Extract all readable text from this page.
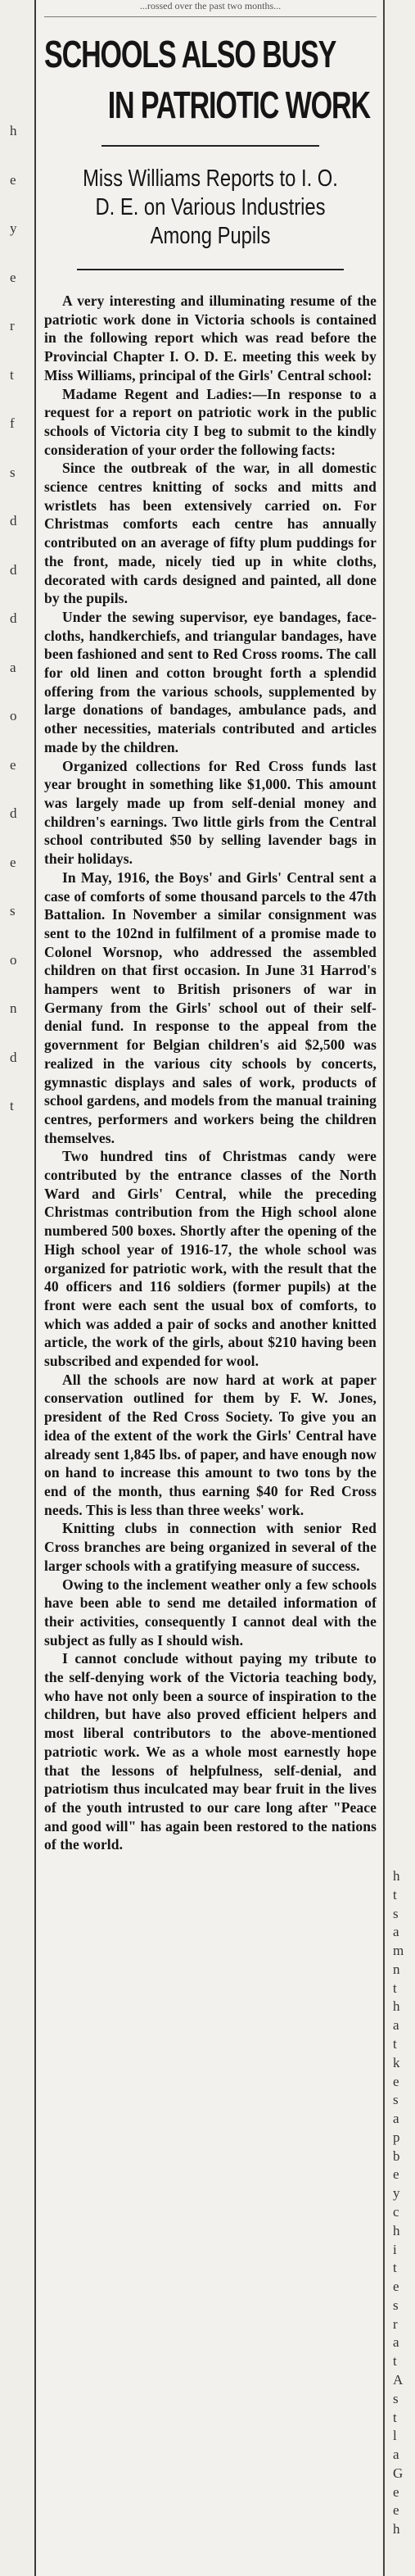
h
e
y
e
r
t
f
s
d
d
d
a
o
e
d
e
s
o
n
d
t
h
t
s
a
m
n
t
h
a
t
k
e
s
a
p
b
e
y
c
h
i
t
e
s
r
a
t
A
s
t
l
a
G
e
e
h
...rossed over the past two months...
SCHOOLS ALSO BUSY
IN PATRIOTIC WORK
Miss Williams Reports to I. O. D. E. on Various Industries Among Pupils

A very interesting and illuminating resume of the patriotic work done in Victoria schools is contained in the following report which was read before the Provincial Chapter I. O. D. E. meeting this week by Miss Williams, principal of the Girls' Central school:

Madame Regent and Ladies:—In response to a request for a report on patriotic work in the public schools of Victoria city I beg to submit to the kindly consideration of your order the following facts:

Since the outbreak of the war, in all domestic science centres knitting of socks and mitts and wristlets has been extensively carried on. For Christmas comforts each centre has annually contributed on an average of fifty plum puddings for the front, made, nicely tied up in white cloths, decorated with cards designed and painted, all done by the pupils.

Under the sewing supervisor, eye bandages, face-cloths, handkerchiefs, and triangular bandages, have been fashioned and sent to Red Cross rooms. The call for old linen and cotton brought forth a splendid offering from the various schools, supplemented by large donations of bandages, ambulance pads, and other necessities, materials contributed and articles made by the children.

Organized collections for Red Cross funds last year brought in something like $1,000. This amount was largely made up from self-denial money and children's earnings. Two little girls from the Central school contributed $50 by selling lavender bags in their holidays.

In May, 1916, the Boys' and Girls' Central sent a case of comforts of some thousand parcels to the 47th Battalion. In November a similar consignment was sent to the 102nd in fulfilment of a promise made to Colonel Worsnop, who addressed the assembled children on that first occasion. In June 31 Harrod's hampers went to British prisoners of war in Germany from the Girls' school out of their self-denial fund. In response to the appeal from the government for Belgian children's aid $2,500 was realized in the various city schools by concerts, gymnastic displays and sales of work, products of school gardens, and models from the manual training centres, performers and workers being the children themselves.

Two hundred tins of Christmas candy were contributed by the entrance classes of the North Ward and Girls' Central, while the preceding Christmas contribution from the High school alone numbered 500 boxes. Shortly after the opening of the High school year of 1916-17, the whole school was organized for patriotic work, with the result that the 40 officers and 116 soldiers (former pupils) at the front were each sent the usual box of comforts, to which was added a pair of socks and another knitted article, the work of the girls, about $210 having been subscribed and expended for wool.

All the schools are now hard at work at paper conservation outlined for them by F. W. Jones, president of the Red Cross Society. To give you an idea of the extent of the work the Girls' Central have already sent 1,845 lbs. of paper, and have enough now on hand to increase this amount to two tons by the end of the month, thus earning $40 for Red Cross needs. This is less than three weeks' work.

Knitting clubs in connection with senior Red Cross branches are being organized in several of the larger schools with a gratifying measure of success.

Owing to the inclement weather only a few schools have been able to send me detailed information of their activities, consequently I cannot deal with the subject as fully as I should wish.

I cannot conclude without paying my tribute to the self-denying work of the Victoria teaching body, who have not only been a source of inspiration to the children, but have also proved efficient helpers and most liberal contributors to the above-mentioned patriotic work. We as a whole most earnestly hope that the lessons of helpfulness, self-denial, and patriotism thus inculcated may bear fruit in the lives of the youth intrusted to our care long after "Peace and good will" has again been restored to the nations of the world.
